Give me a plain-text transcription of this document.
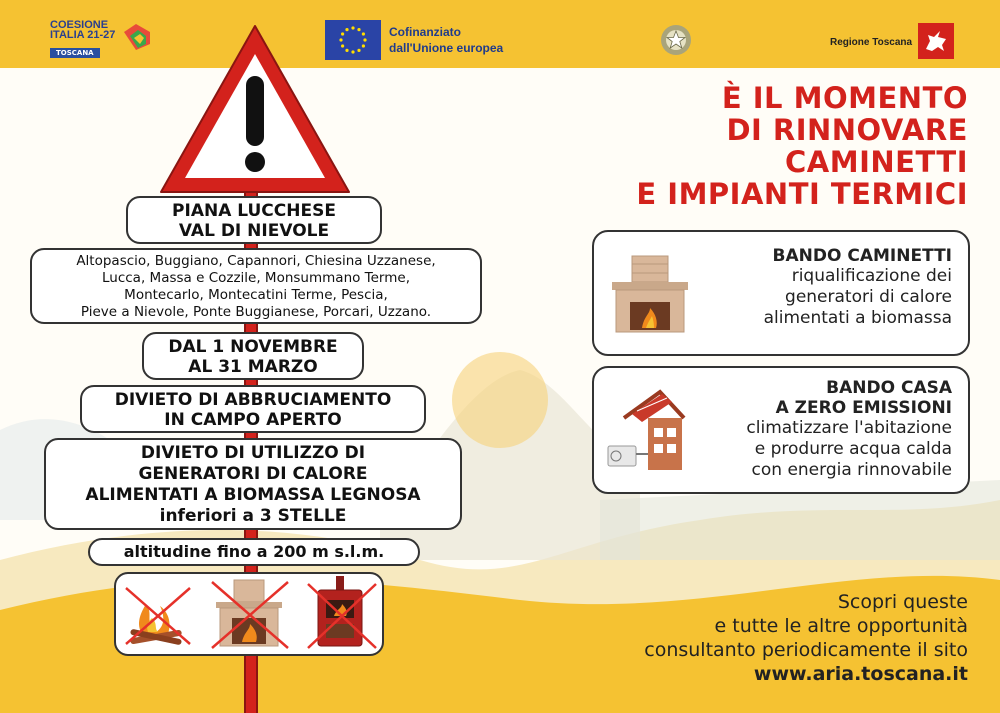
COESIONE
ITALIA 21-27
TOSCANA
Cofinanziato
dall'Unione europea	Regione Toscana
PIANA LUCCHESE
VAL DI NIEVOLE
Altopascio, Buggiano, Capannori, Chiesina Uzzanese,
Lucca, Massa e Cozzile, Monsummano Terme,
Montecarlo, Montecatini Terme, Pescia,
Pieve a Nievole, Ponte Buggianese, Porcari, Uzzano.
DAL 1 NOVEMBRE
AL 31 MARZO
DIVIETO DI ABBRUCIAMENTO
IN CAMPO APERTO
DIVIETO DI UTILIZZO DI
GENERATORI DI CALORE
ALIMENTATI A BIOMASSA LEGNOSA
inferiori a 3 STELLE
altitudine fino a 200 m s.l.m.
È IL MOMENTO
DI RINNOVARE
CAMINETTI
E IMPIANTI TERMICI
BANDO CAMINETTI
riqualificazione dei
generatori di calore
alimentati a biomassa
BANDO CASA
A ZERO EMISSIONI
climatizzare l'abitazione
e produrre acqua calda
con energia rinnovabile
Scopri queste
e tutte le altre opportunità
consultanto periodicamente il sito
www.aria.toscana.it
